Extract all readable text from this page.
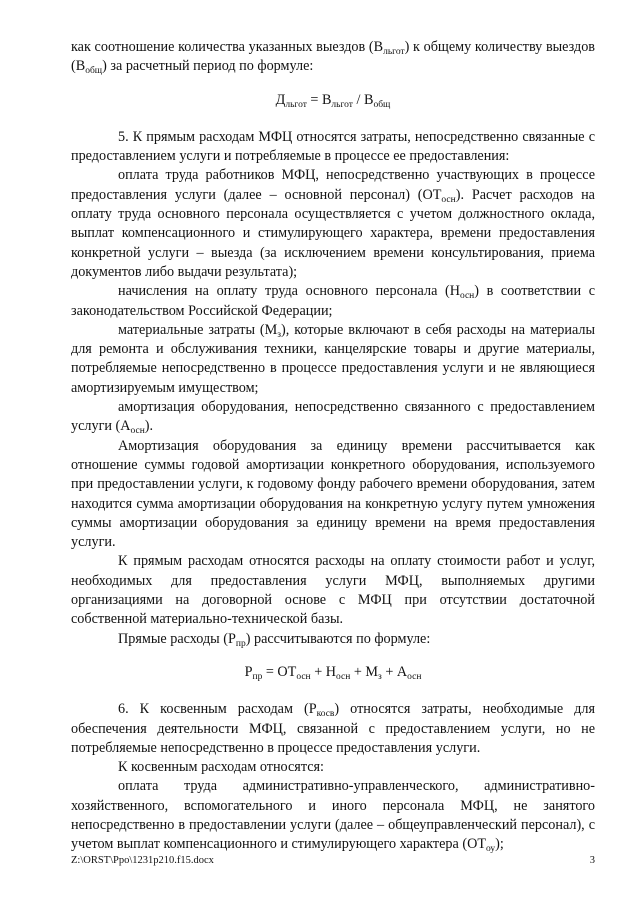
как соотношение количества указанных выездов $(В_{льгот})$ к общему количеству выездов $(В_{общ})$ за расчетный период по формуле:

$Д_{льгот} = В_{льгот} / В_{общ}$

5. К прямым расходам МФЦ относятся затраты, непосредственно связанные с предоставлением услуги и потребляемые в процессе ее предоставления:

оплата труда работников МФЦ, непосредственно участвующих в процессе предоставления услуги (далее – основной персонал) $(ОТ_{осн})$. Расчет расходов на оплату труда основного персонала осуществляется с учетом должностного оклада, выплат компенсационного и стимулирующего характера, времени предоставления конкретной услуги – выезда (за исключением времени консультирования, приема документов либо выдачи результата);

начисления на оплату труда основного персонала $(Н_{осн})$ в соответствии с законодательством Российской Федерации;

материальные затраты $(М_з)$, которые включают в себя расходы на материалы для ремонта и обслуживания техники, канцелярские товары и другие материалы, потребляемые непосредственно в процессе предоставления услуги и не являющиеся амортизируемым имуществом;

амортизация оборудования, непосредственно связанного с предоставлением услуги $(А_{осн})$.

Амортизация оборудования за единицу времени рассчитывается как отношение суммы годовой амортизации конкретного оборудования, используемого при предоставлении услуги, к годовому фонду рабочего времени оборудования, затем находится сумма амортизации оборудования на конкретную услугу путем умножения суммы амортизации оборудования за единицу времени на время предоставления услуги.

К прямым расходам относятся расходы на оплату стоимости работ и услуг, необходимых для предоставления услуги МФЦ, выполняемых другими организациями на договорной основе с МФЦ при отсутствии достаточной собственной материально-технической базы.

Прямые расходы $(Р_{пр})$ рассчитываются по формуле:

$Р_{пр} = ОТ_{осн} + Н_{осн} + М_з + А_{осн}$

6. К косвенным расходам $(Р_{косв})$ относятся затраты, необходимые для обеспечения деятельности МФЦ, связанной с предоставлением услуги, но не потребляемые непосредственно в процессе предоставления услуги.

К косвенным расходам относятся:

оплата труда административно-управленческого, административно-хозяйственного, вспомогательного и иного персонала МФЦ, не занятого непосредственно в предоставлении услуги (далее – общеуправленческий персонал), с учетом выплат компенсационного и стимулирующего характера $(ОТ_{оу})$;

Z:\ORST\Ppo\1231p210.f15.docx	3
